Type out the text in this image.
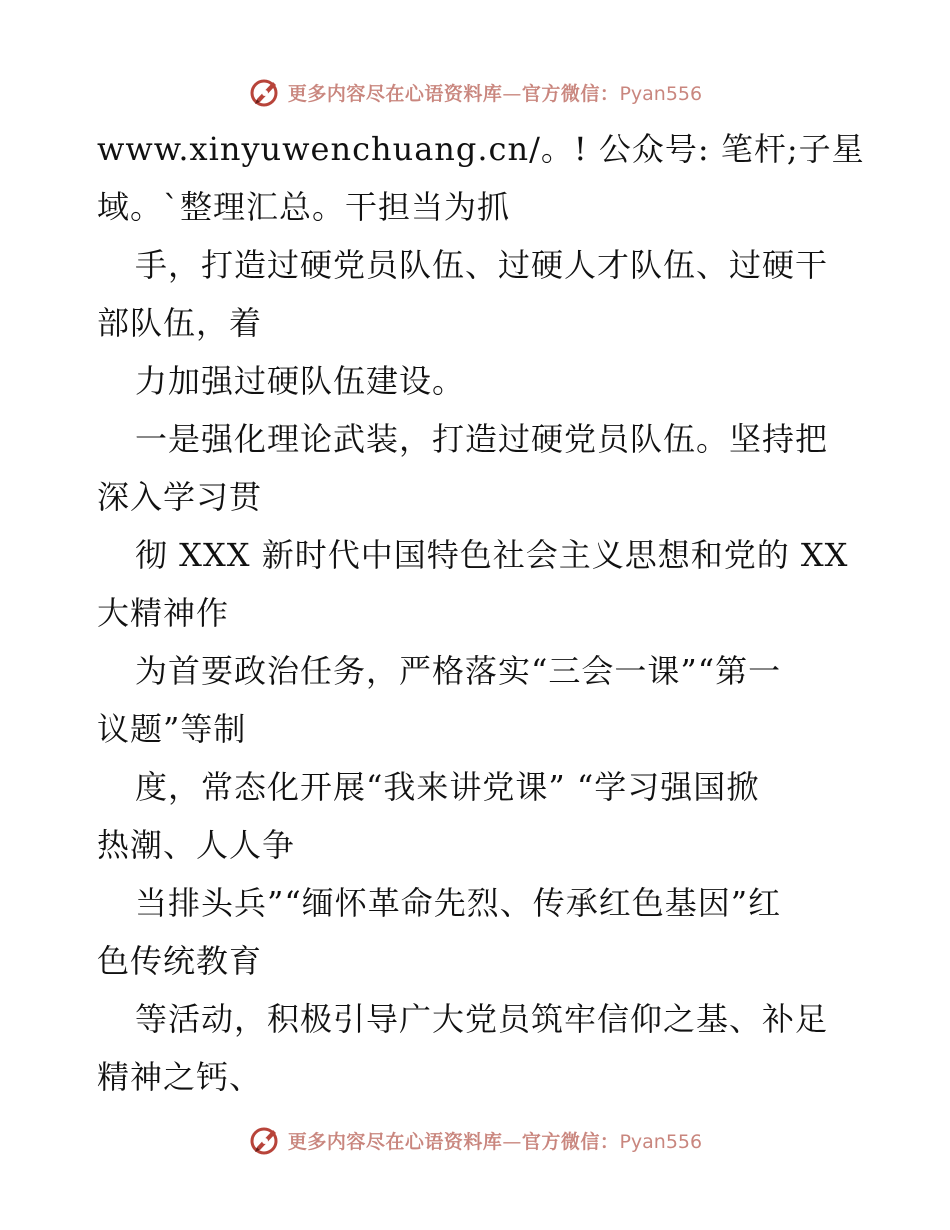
更多内容尽在心语资料库—官方微信：Pyan556
www.xinyuwenchuang.cn/。! 公众号: 笔杆;子星
域。`整理汇总。干担当为抓
手，打造过硬党员队伍、过硬人才队伍、过硬干
部队伍，着
力加强过硬队伍建设。
一是强化理论武装，打造过硬党员队伍。坚持把
深入学习贯
彻 XXX 新时代中国特色社会主义思想和党的 XX
大精神作
为首要政治任务，严格落实“三会一课”“第一
议题”等制
度，常态化开展“我来讲党课” “学习强国掀
热潮、人人争
当排头兵”“缅怀革命先烈、传承红色基因”红
色传统教育
等活动，积极引导广大党员筑牢信仰之基、补足
精神之钙、
更多内容尽在心语资料库—官方微信：Pyan556
